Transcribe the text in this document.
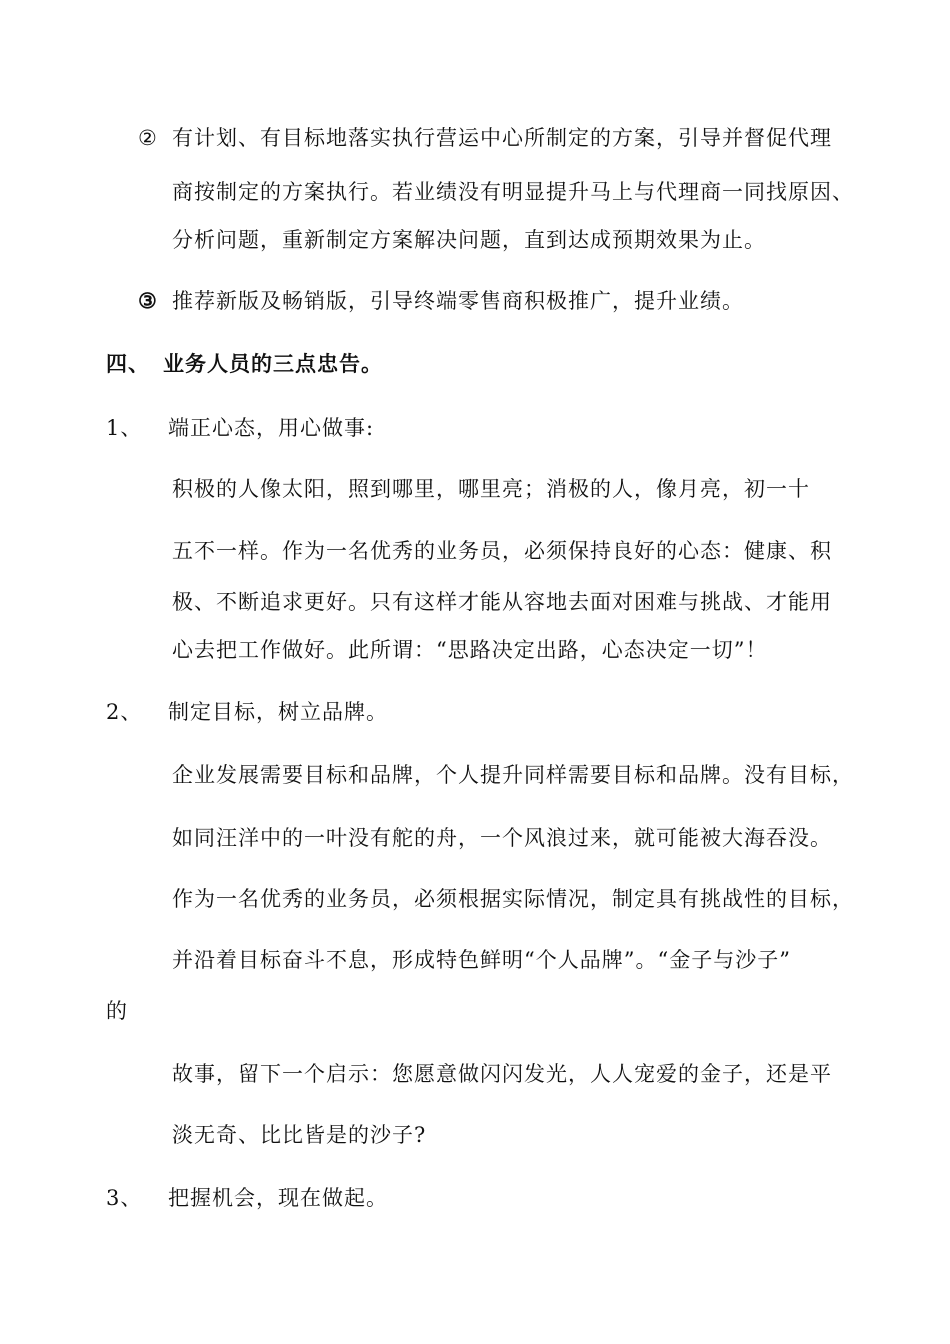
② 有计划、有目标地落实执行营运中心所制定的方案，引导并督促代理
商按制定的方案执行。若业绩没有明显提升马上与代理商一同找原因、
分析问题，重新制定方案解决问题，直到达成预期效果为止。
③ 推荐新版及畅销版，引导终端零售商积极推广，提升业绩。
四、 业务人员的三点忠告。
1、 端正心态，用心做事:
积极的人像太阳，照到哪里，哪里亮；消极的人，像月亮，初一十
五不一样。作为一名优秀的业务员，必须保持良好的心态：健康、积
极、不断追求更好。只有这样才能从容地去面对困难与挑战、才能用
心去把工作做好。此所谓：“思路决定出路，心态决定一切”！
2、 制定目标，树立品牌。
企业发展需要目标和品牌，个人提升同样需要目标和品牌。没有目标，
如同汪洋中的一叶没有舵的舟，一个风浪过来，就可能被大海吞没。
作为一名优秀的业务员，必须根据实际情况，制定具有挑战性的目标，
并沿着目标奋斗不息，形成特色鲜明“个人品牌”。“金子与沙子”
的
故事，留下一个启示：您愿意做闪闪发光，人人宠爱的金子，还是平
淡无奇、比比皆是的沙子?
3、 把握机会，现在做起。
